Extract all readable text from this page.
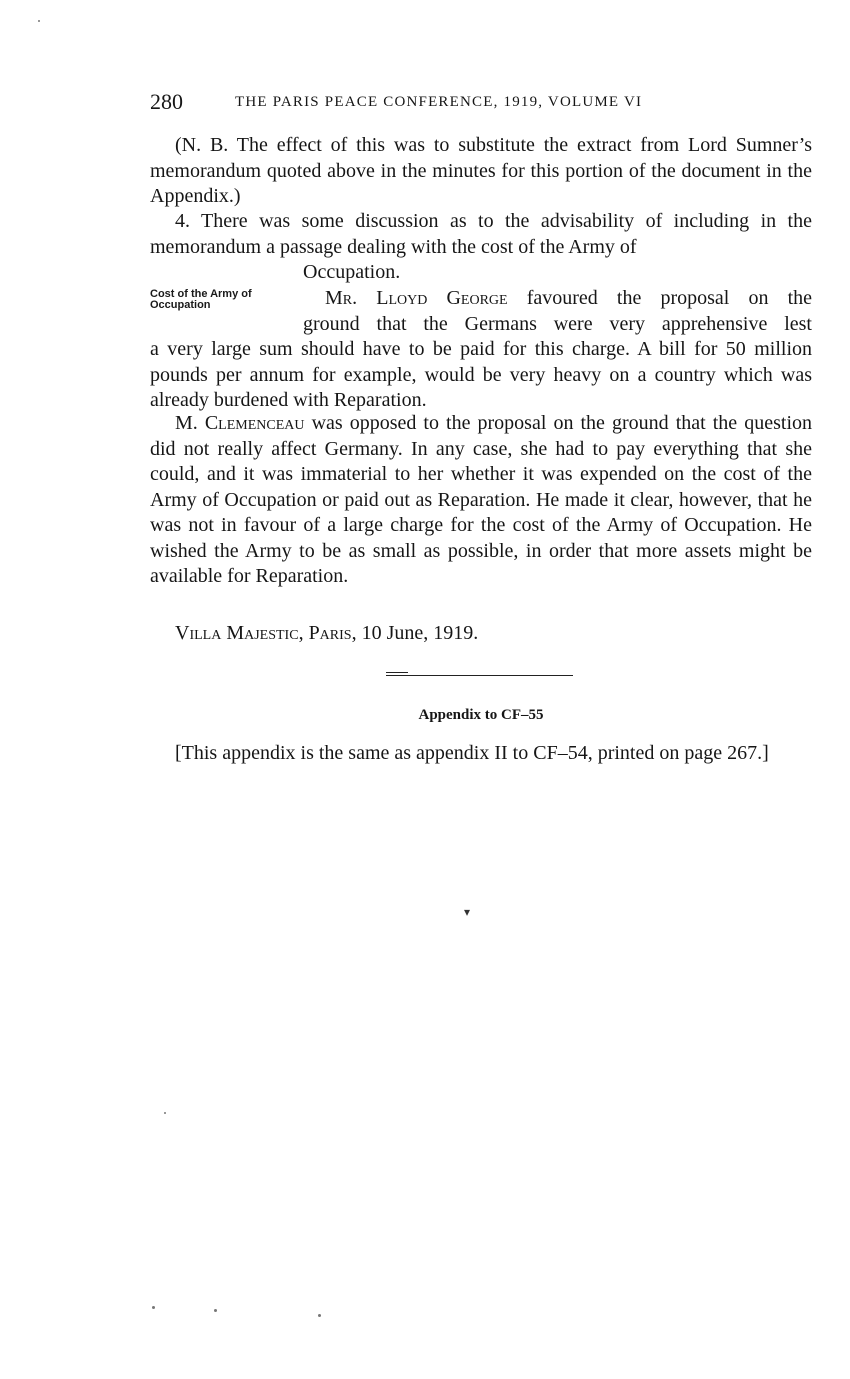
280	THE PARIS PEACE CONFERENCE, 1919, VOLUME VI

(N. B. The effect of this was to substitute the extract from Lord Sumner’s memorandum quoted above in the minutes for this portion of the document in the Appendix.)

4. There was some discussion as to the advisability of including in the memorandum a passage dealing with the cost of the Army of

Occupation.
Cost of the Army of Occupation	Mr. Lloyd George favoured the proposal on the
ground that the Germans were very apprehensive lest

a very large sum should have to be paid for this charge. A bill for 50 million pounds per annum for example, would be very heavy on a country which was already burdened with Reparation.

M. Clemenceau was opposed to the proposal on the ground that the question did not really affect Germany. In any case, she had to pay everything that she could, and it was immaterial to her whether it was expended on the cost of the Army of Occupation or paid out as Reparation. He made it clear, however, that he was not in favour of a large charge for the cost of the Army of Occupation. He wished the Army to be as small as possible, in order that more assets might be available for Reparation.

Villa Majestic, Paris, 10 June, 1919.

Appendix to CF–55

[This appendix is the same as appendix II to CF–54, printed on page 267.]

▾
